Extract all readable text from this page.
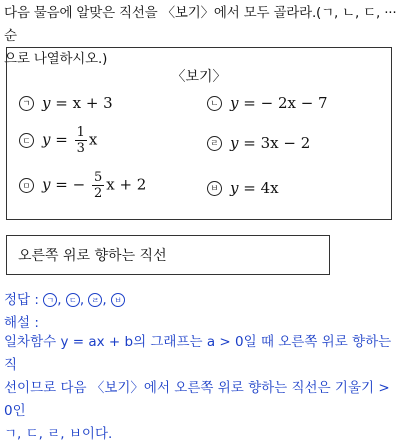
다음 물음에 알맞은 직선을 〈보기〉에서 모두 골라라.(ㄱ, ㄴ, ㄷ, ··· 순
으로 나열하시오.)
〈보기〉
ㄱ y = x + 3	ㄴ y = − 2x − 7
ㄷ $y = \frac{1}{3}$ x	ㄹ y = 3x − 2
ㅁ y = − $\frac{5}{2}$ x + 2	ㅂ y = 4x
오른쪽 위로 향하는 직선
정답 : ㄱ , ㄷ , ㄹ , ㅂ
해설 :
일차함수 y = ax + b의 그래프는 a > 0일 때 오른쪽 위로 향하는 직
선이므로 다음 〈보기〉에서 오른쪽 위로 향하는 직선은 기울기 > 0인
ㄱ, ㄷ, ㄹ, ㅂ이다.
